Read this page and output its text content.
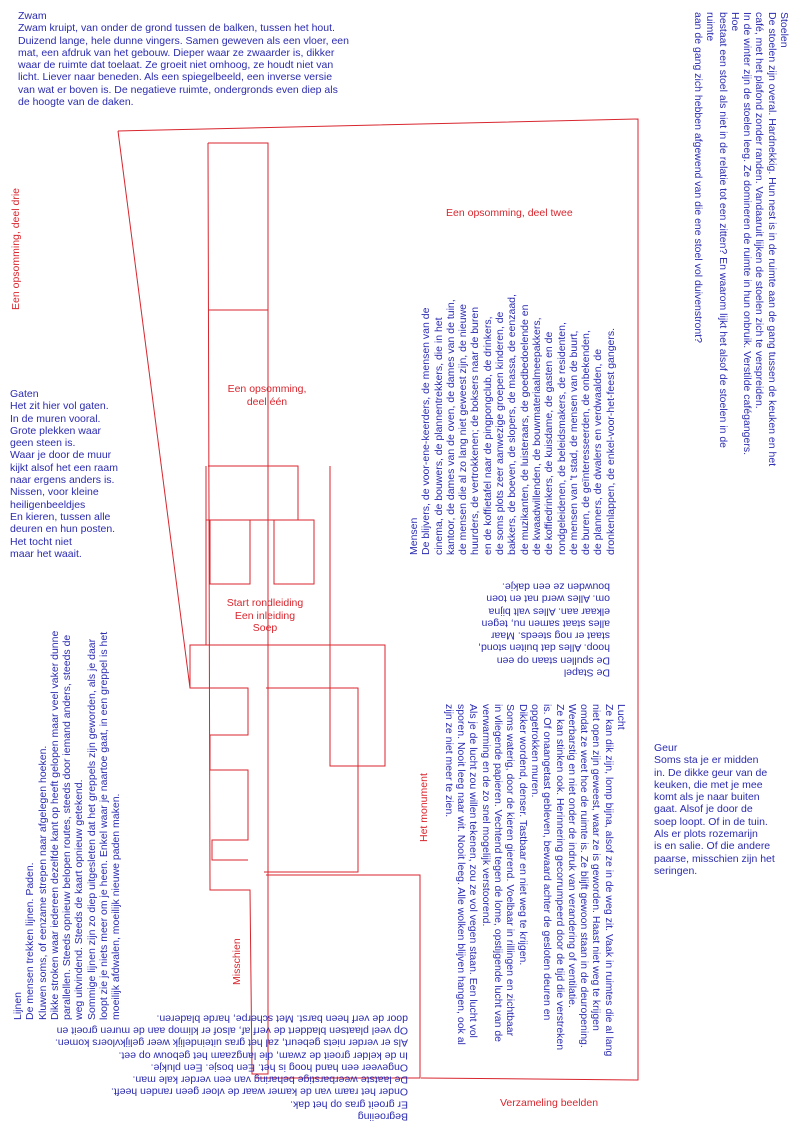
Zwam
Zwam kruipt, van onder de grond tussen de balken, tussen het hout.
Duizend lange, hele dunne vingers. Samen geweven als een vloer, een
mat, een afdruk van het gebouw. Dieper waar ze zwaarder is, dikker
waar de ruimte dat toelaat. Ze groeit niet omhoog, ze houdt niet van
licht. Liever naar beneden. Als een spiegelbeeld, een inverse versie
van wat er boven is. De negatieve ruimte, ondergronds even diep als
de hoogte van de daken.
Stoelen
De stoelen zijn overal. Hardnekkig. Hun nest is in de ruimte aan de gang tussen de keuken en het
café, met het plafond zonder randen. Vandaaruit lijken de stoelen zich te verspreiden.
In de winter zijn de stoelen leeg. Ze domineren de ruimte in hun onbruik. Verstilde cafégangers. Hoe
bestaat een stoel als niet in de relatie tot een zitten? En waarom lijkt het alsof de stoelen in de ruimte
aan de gang zich hebben afgewend van die ene stoel vol duivenstront?
Gaten
Het zit hier vol gaten.
In de muren vooral.
Grote plekken waar
geen steen is.
Waar je door de muur
kijkt alsof het een raam
naar ergens anders is.
Nissen, voor kleine
heiligenbeeldjes
En kieren, tussen alle
deuren en hun posten.
Het tocht niet
maar het waait.	Mensen De blijvers, de voor-ene-keerders, de mensen van de
cinema, de bouwers, de plannentrekkers, die in het
kantoor, de dames van de oven, de dames van de tuin,
de mensen die al zo lang niet geweest zijn, de nieuwe
huurders, de vertrokkenen; de boksers naar de buren
en de koffietafel naar de pingpongclub, de drinkers,
de soms plots zeer aanwezige groepen kinderen, de
bakkers, de boeven, de slopers, de massa, de eenzaad,
de muzikanten, de luisteraars, de goedbedoelende en
de kwaadwillenden, de bouwmateriaalmeepakkers,
de koffiedrinkers, de kuisdame, de gasten en de
rondgeleidenen, de beleidsmakers, de residenten,
de mensen van 't stad, de mensen van de buurt,
de buren, de geïnteresseerden, de onbekenden,
de planners, de dwalers en verdwaalden, de
dronkenlappen, de enkel-voor-het-feest gangers.
De Stapel
De spullen staan op een
hoop. Alles dat buiten stond,
staat er nog steeds. Maar
alles staat samen nu, tegen
elkaar aan. Alles valt bijna
om. Alles werd nat en toen
bouwden ze een dakje.
Lucht
Ze kan dik zijn, lomp bijna, alsof ze in de weg zit. Vaak in ruimtes die al lang
niet open zijn geweest, waar ze is geworden. Haast niet weg te krijgen
omdat ze weet hoe de ruimte is. Ze blijft gewoon staan in de deuropening.
Weerbarstig en niet onder de indruk van verandering of ventilatie.
Ze kan stinken ook. Herinnering gecorrumpeerd door de tijd die verstreken
is. Of onaangetast gebleven, bewaard achter de gesloten deuren en
opgetrokken muren.
Dikker wordend, denser. Tastbaar en niet weg te krijgen.
Soms waterig, door de kieren gierend. Voelbaar in rillingen en zichtbaar
in vliegende papieren. Vechtend tegen de lome, opstijgende lucht van de
verwarming en de zo snel mogelijk verstoorend.
Als je de lucht zou willen tekenen, zou ze vol vegen staan. Een lucht vol
sporen. Nooit leeg naar wit. Nooit leeg. Alle wolken blijven hangen, ook al
zijn ze niet meer te zien.
Geur
Soms sta je er midden
in. De dikke geur van de
keuken, die met je mee
komt als je naar buiten
gaat. Alsof je door de
soep loopt. Of in de tuin.
Als er plots rozemarijn
is en salie. Of die andere
paarse, misschien zijn het
seringen.
Lijnen De mensen trekken lijnen. Paden.
Kluwen soms, of eenzame strepen naar afgelegen hoeken.
Dikke stroken waar iedereen dezelfde kant op heeft gelopen maar veel vaker dunne
parallellen. Steeds opnieuw belopen routes, steeds door iemand anders, steeds de
weg uitvindend. Steeds de kaart opnieuw getekend.
Sommige lijnen zijn zo diep uitgesleten dat het greppels zijn geworden, als je daar
loopt zie je niets meer om je heen. Enkel waar je naartoe gaat, in een greppel is het
moeilijk afdwalen, moeilijk nieuwe paden maken.
Begroeiing
Er groeit gras op het dak.
Onder het raam van de kamer waar de vloer geen randen heeft.
De laatste weerbarstige beharing van een verder kale man.
Ongeveer een hand hoog is het. Een bosje. Een plukje.
In de kelder groeit de zwam, die langzaam het gebouw op eet.
Als er verder niets gebeurt, zal het gras uiteindelijk weer gelijkvloers komen.
Op veel plaatsen bladdert de verf af, alsof er klimop aan de muren groeit en
door de verf heen barst. Met scherpe, harde bladeren.
Een opsomming, deel drie	Een opsomming, deel twee
Een opsomming,
deel één
Start rondleiding
Een inleiding
Soep
Het monument
Misschien
Verzameling beelden
